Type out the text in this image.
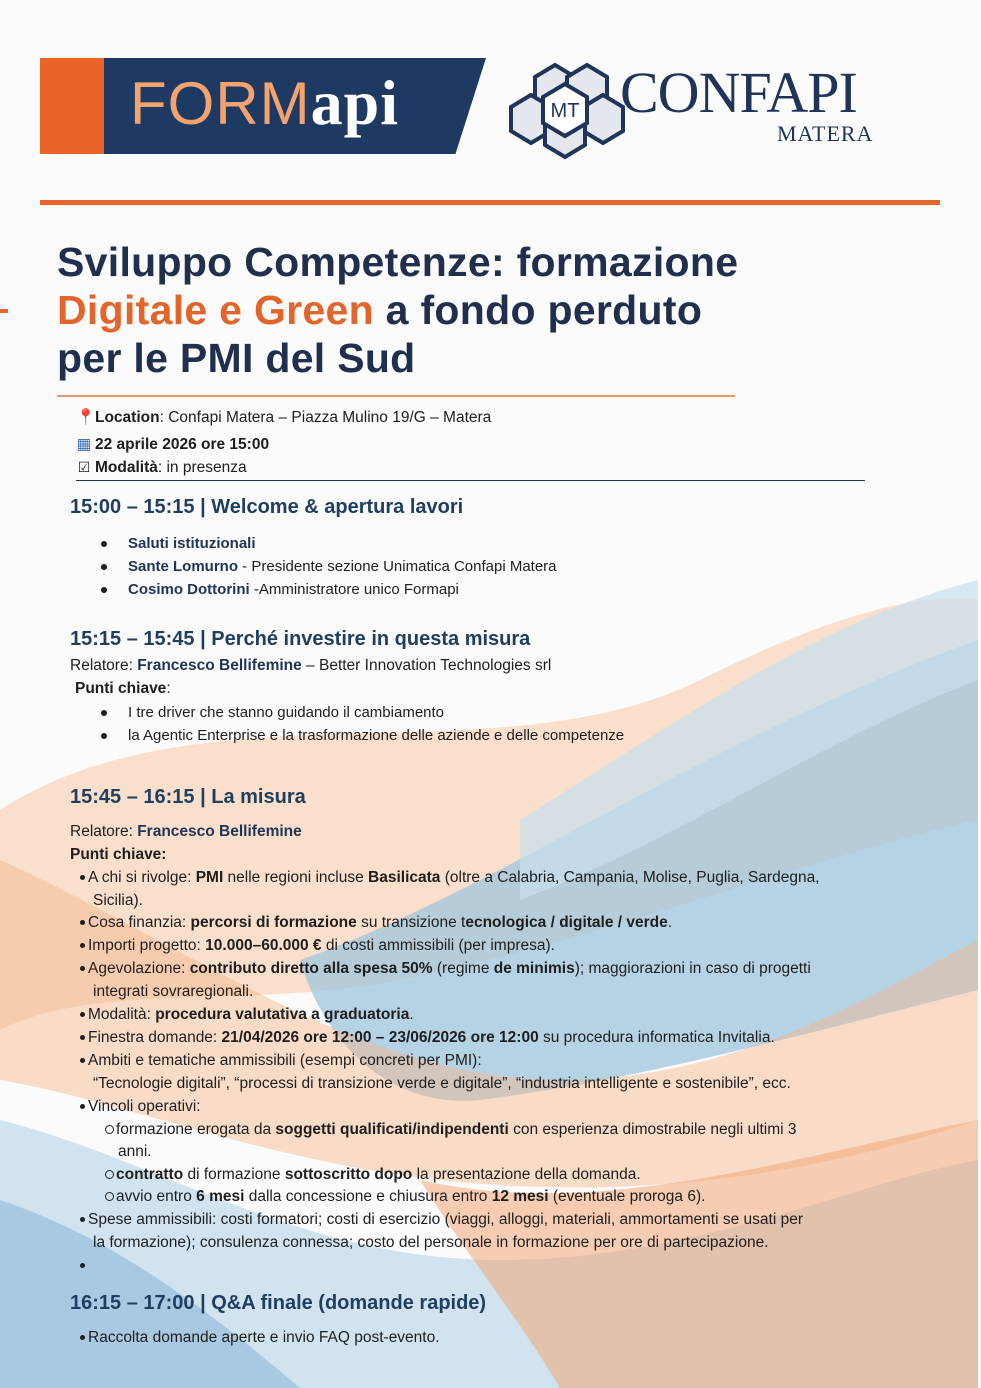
FORMapi	MT CONFAPI
MATERA
Sviluppo Competenze: formazione
Digitale e Green a fondo perduto
per le PMI del Sud
📍Location: Confapi Matera – Piazza Mulino 19/G – Matera
▦ 22 aprile 2026 ore 15:00
☑ Modalità: in presenza
15:00 – 15:15 | Welcome & apertura lavori
Saluti istituzionali
Sante Lomurno - Presidente sezione Unimatica Confapi Matera
Cosimo Dottorini -Amministratore unico Formapi
15:15 – 15:45 | Perché investire in questa misura
Relatore: Francesco Bellifemine – Better Innovation Technologies srl
Punti chiave:
I tre driver che stanno guidando il cambiamento
la Agentic Enterprise e la trasformazione delle aziende e delle competenze
15:45 – 16:15 | La misura
Relatore: Francesco Bellifemine
Punti chiave:
A chi si rivolge: PMI nelle regioni incluse Basilicata (oltre a Calabria, Campania, Molise, Puglia, Sardegna,
Sicilia).
Cosa finanzia: percorsi di formazione su transizione tecnologica / digitale / verde.
Importi progetto: 10.000–60.000 € di costi ammissibili (per impresa).
Agevolazione: contributo diretto alla spesa 50% (regime de minimis); maggiorazioni in caso di progetti
integrati sovraregionali.
Modalità: procedura valutativa a graduatoria.
Finestra domande: 21/04/2026 ore 12:00 – 23/06/2026 ore 12:00 su procedura informatica Invitalia.
Ambiti e tematiche ammissibili (esempi concreti per PMI):
“Tecnologie digitali”, “processi di transizione verde e digitale”, “industria intelligente e sostenibile”, ecc.
Vincoli operativi:
formazione erogata da soggetti qualificati/indipendenti con esperienza dimostrabile negli ultimi 3
anni.
contratto di formazione sottoscritto dopo la presentazione della domanda.
avvio entro 6 mesi dalla concessione e chiusura entro 12 mesi (eventuale proroga 6).
Spese ammissibili: costi formatori; costi di esercizio (viaggi, alloggi, materiali, ammortamenti se usati per
la formazione); consulenza connessa; costo del personale in formazione per ore di partecipazione.
16:15 – 17:00 | Q&A finale (domande rapide)
Raccolta domande aperte e invio FAQ post-evento.
